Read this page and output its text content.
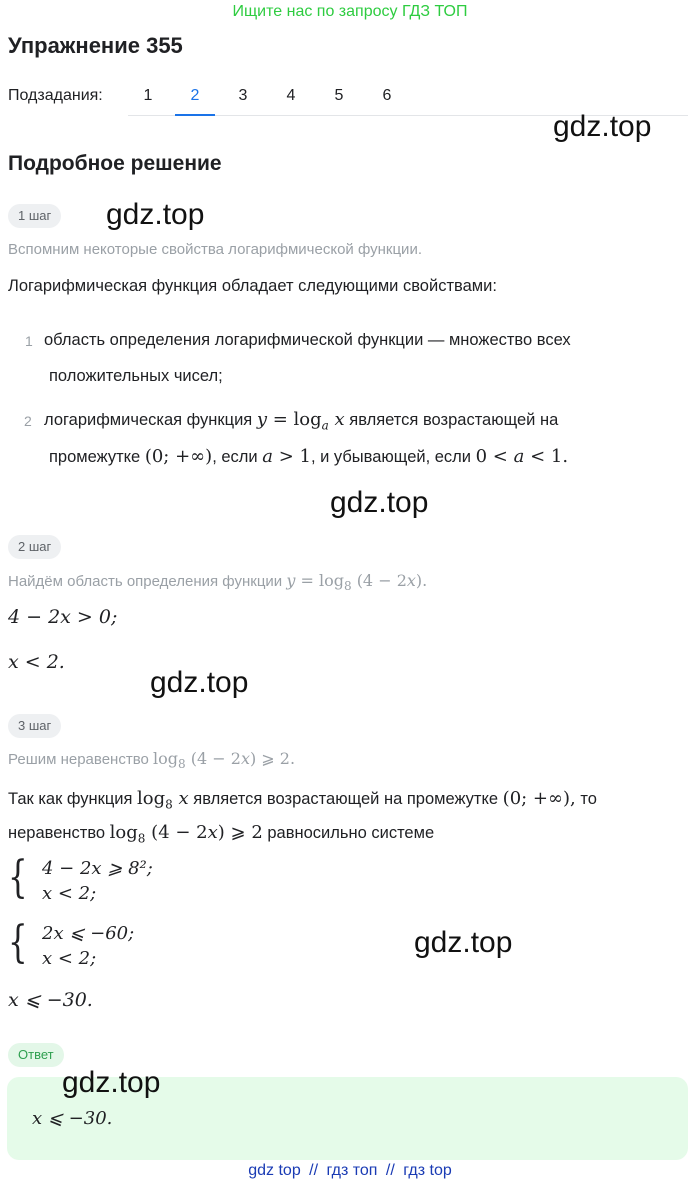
Ищите нас по запросу ГДЗ ТОП
Упражнение 355
Подзадания:	1	2	3	4	5	6
gdz.top
Подробное решение
1 шаг	gdz.top
Вспомним некоторые свойства логарифмической функции.
Логарифмическая функция обладает следующими свойствами:
1 область определения логарифмической функции — множество всех
положительных чисел;
2 логарифмическая функция $y = \log_a x$ является возрастающей на
промежутке (0; +∞), если a > 1, и убывающей, если 0 < a < 1.
gdz.top
2 шаг
Найдём область определения функции $y = \log_8 (4 - 2x)$.
4 − 2x > 0;
x < 2.
gdz.top
3 шаг
Решим неравенство $\log_8 (4 - 2x)$ ⩾ 2.
Так как функция $\log_8 x$ является возрастающей на промежутке (0; +∞), то
неравенство $\log_8 (4 - 2x)$ ⩾ 2 равносильно системе
{ 4 − 2x ⩾ 8²;
x < 2;
{ 2x ⩽ −60;
x < 2;	gdz.top
x ⩽ −30.
Ответ
gdz.top
x ⩽ −30.
gdz top // гдз топ // гдз top
